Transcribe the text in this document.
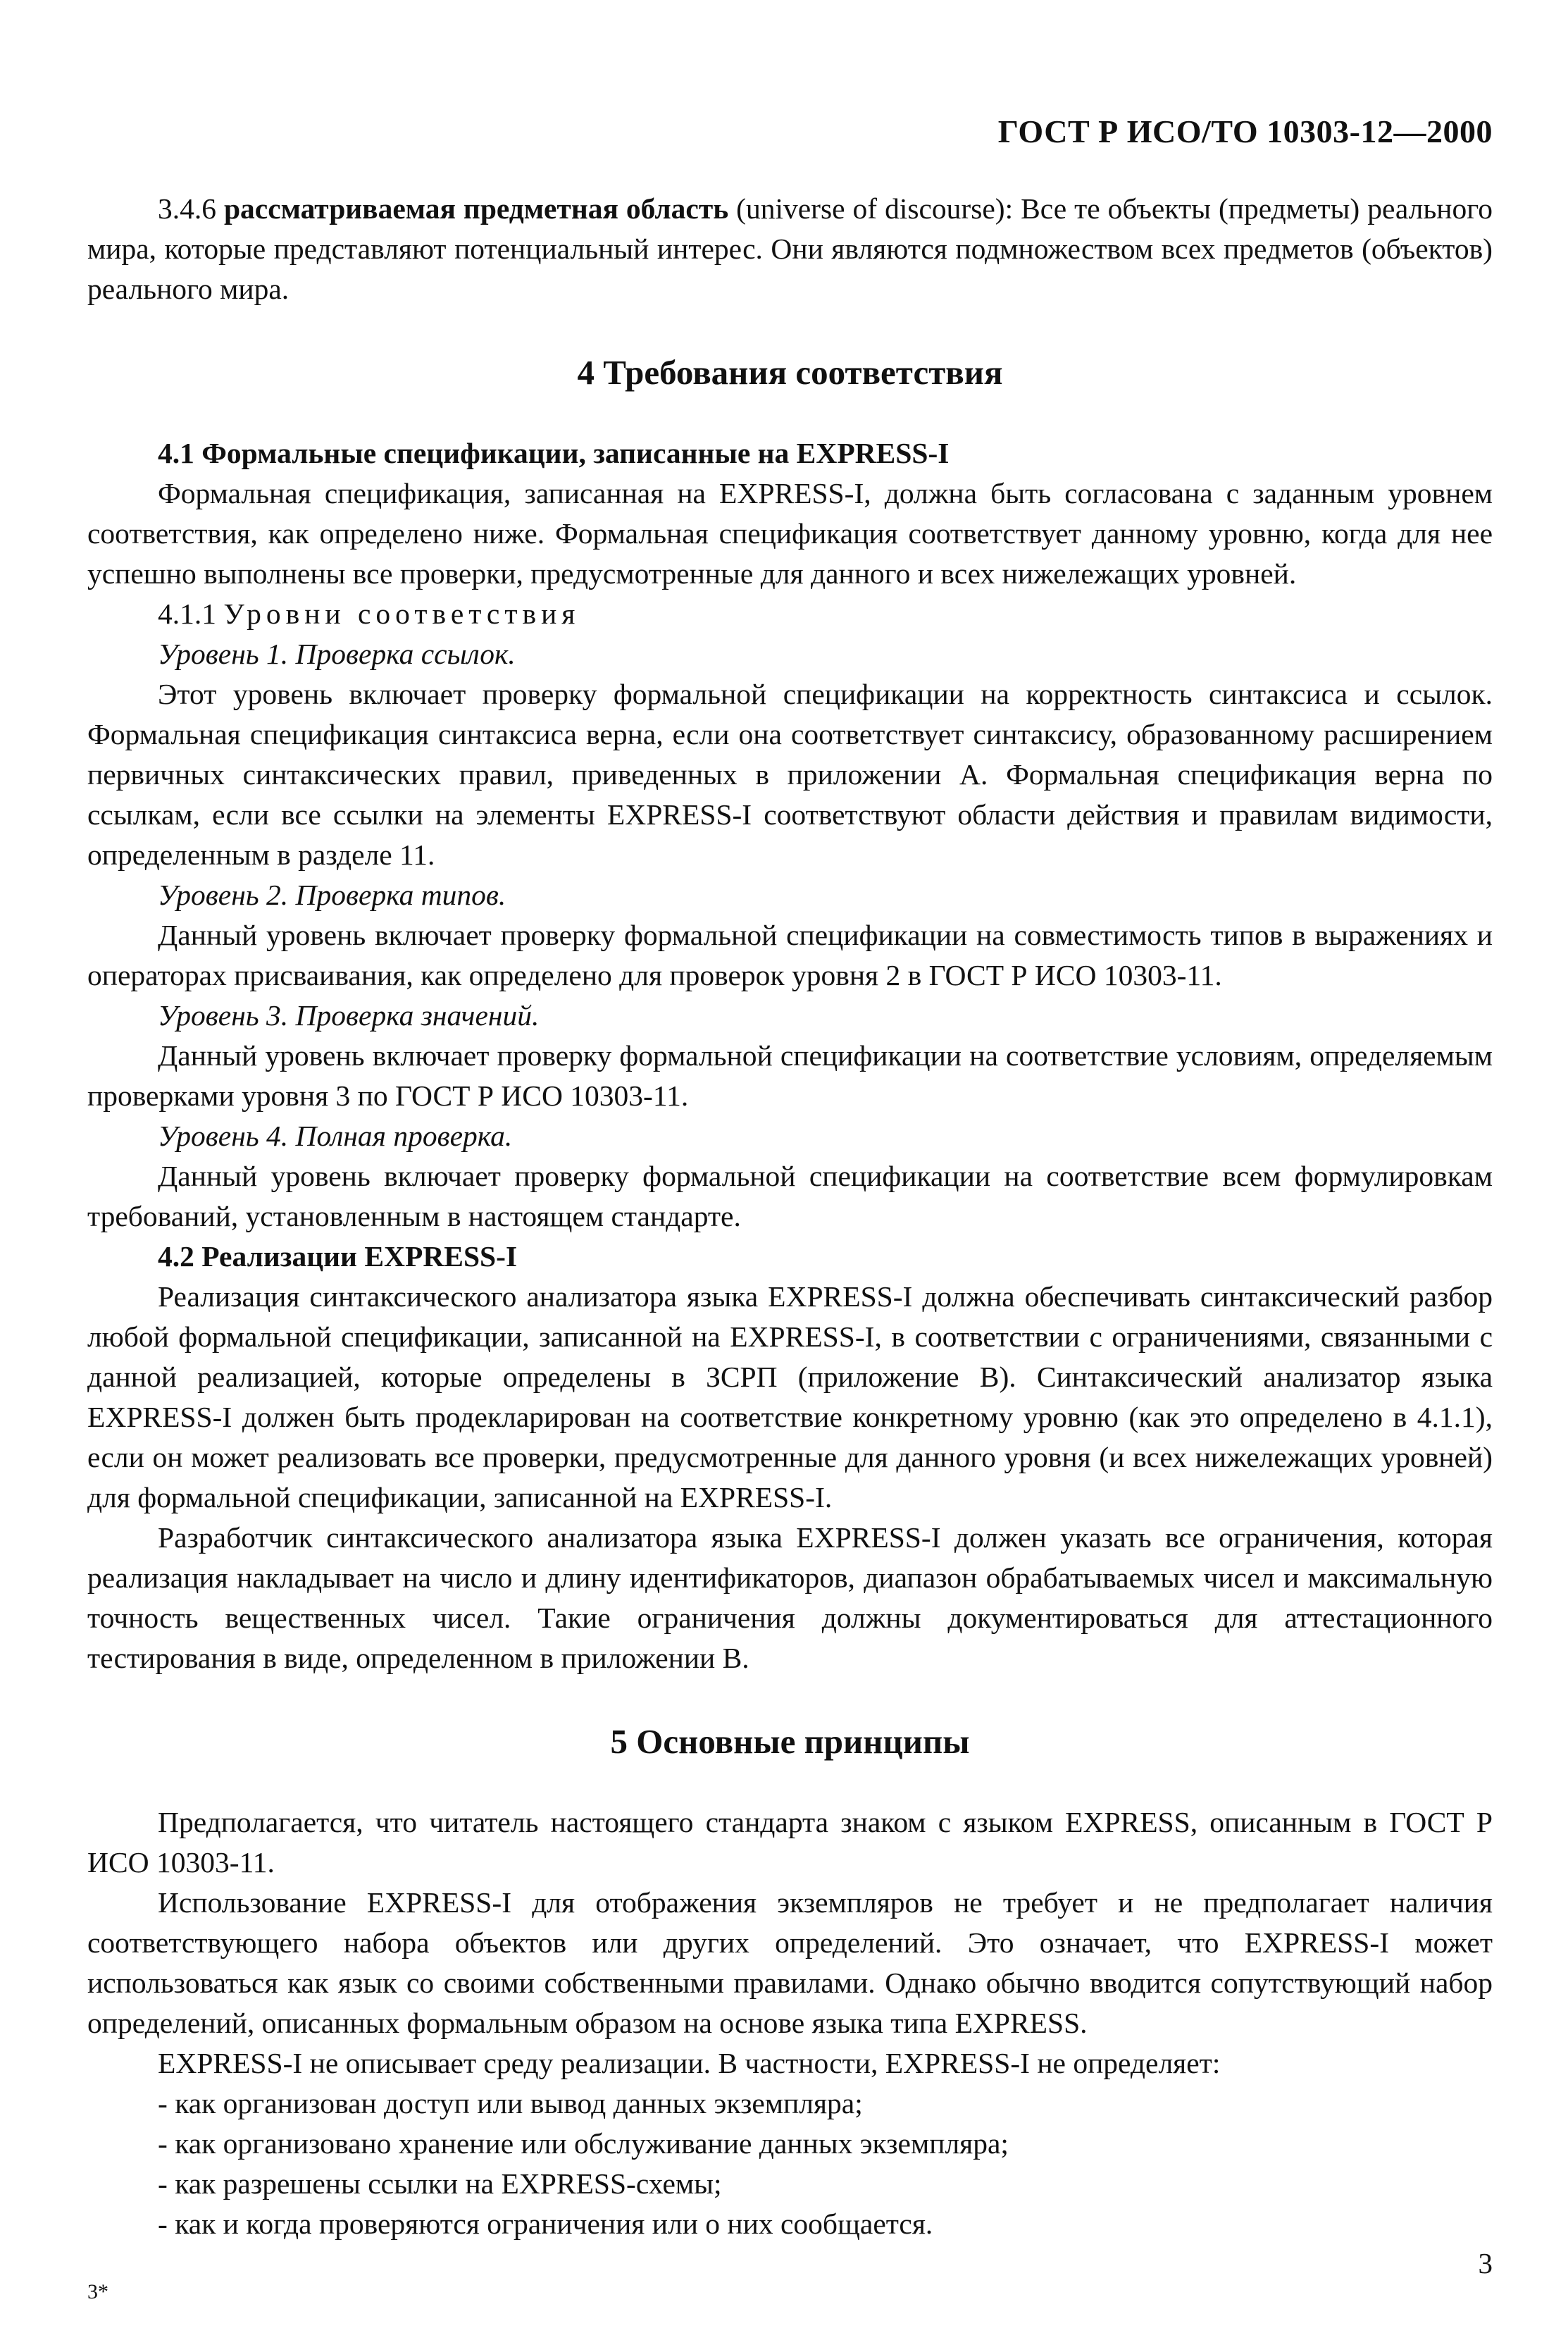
ГОСТ Р ИСО/ТО 10303-12—2000

3.4.6 рассматриваемая предметная область (universe of discourse): Все те объекты (предметы) реального мира, которые представляют потенциальный интерес. Они являются подмножеством всех предметов (объектов) реального мира.

4 Требования соответствия

4.1 Формальные спецификации, записанные на EXPRESS-I

Формальная спецификация, записанная на EXPRESS-I, должна быть согласована с заданным уровнем соответствия, как определено ниже. Формальная спецификация соответствует данному уровню, когда для нее успешно выполнены все проверки, предусмотренные для данного и всех нижележащих уровней.

4.1.1 Уровни соответствия

Уровень 1. Проверка ссылок.

Этот уровень включает проверку формальной спецификации на корректность синтаксиса и ссылок. Формальная спецификация синтаксиса верна, если она соответствует синтаксису, образованному расширением первичных синтаксических правил, приведенных в приложении А. Формальная спецификация верна по ссылкам, если все ссылки на элементы EXPRESS-I соответствуют области действия и правилам видимости, определенным в разделе 11.

Уровень 2. Проверка типов.

Данный уровень включает проверку формальной спецификации на совместимость типов в выражениях и операторах присваивания, как определено для проверок уровня 2 в ГОСТ Р ИСО 10303-11.

Уровень 3. Проверка значений.

Данный уровень включает проверку формальной спецификации на соответствие условиям, определяемым проверками уровня 3 по ГОСТ Р ИСО 10303-11.

Уровень 4. Полная проверка.

Данный уровень включает проверку формальной спецификации на соответствие всем формулировкам требований, установленным в настоящем стандарте.

4.2 Реализации EXPRESS-I

Реализация синтаксического анализатора языка EXPRESS-I должна обеспечивать синтаксический разбор любой формальной спецификации, записанной на EXPRESS-I, в соответствии с ограничениями, связанными с данной реализацией, которые определены в ЗСРП (приложение В). Синтаксический анализатор языка EXPRESS-I должен быть продекларирован на соответствие конкретному уровню (как это определено в 4.1.1), если он может реализовать все проверки, предусмотренные для данного уровня (и всех нижележащих уровней) для формальной спецификации, записанной на EXPRESS-I.

Разработчик синтаксического анализатора языка EXPRESS-I должен указать все ограничения, которая реализация накладывает на число и длину идентификаторов, диапазон обрабатываемых чисел и максимальную точность вещественных чисел. Такие ограничения должны документироваться для аттестационного тестирования в виде, определенном в приложении В.

5 Основные принципы

Предполагается, что читатель настоящего стандарта знаком с языком EXPRESS, описанным в ГОСТ Р ИСО 10303-11.

Использование EXPRESS-I для отображения экземпляров не требует и не предполагает наличия соответствующего набора объектов или других определений. Это означает, что EXPRESS-I может использоваться как язык со своими собственными правилами. Однако обычно вводится сопутствующий набор определений, описанных формальным образом на основе языка типа EXPRESS.

EXPRESS-I не описывает среду реализации. В частности, EXPRESS-I не определяет:

- как организован доступ или вывод данных экземпляра;

- как организовано хранение или обслуживание данных экземпляра;

- как разрешены ссылки на EXPRESS-схемы;

- как и когда проверяются ограничения или о них сообщается.

3*
3
